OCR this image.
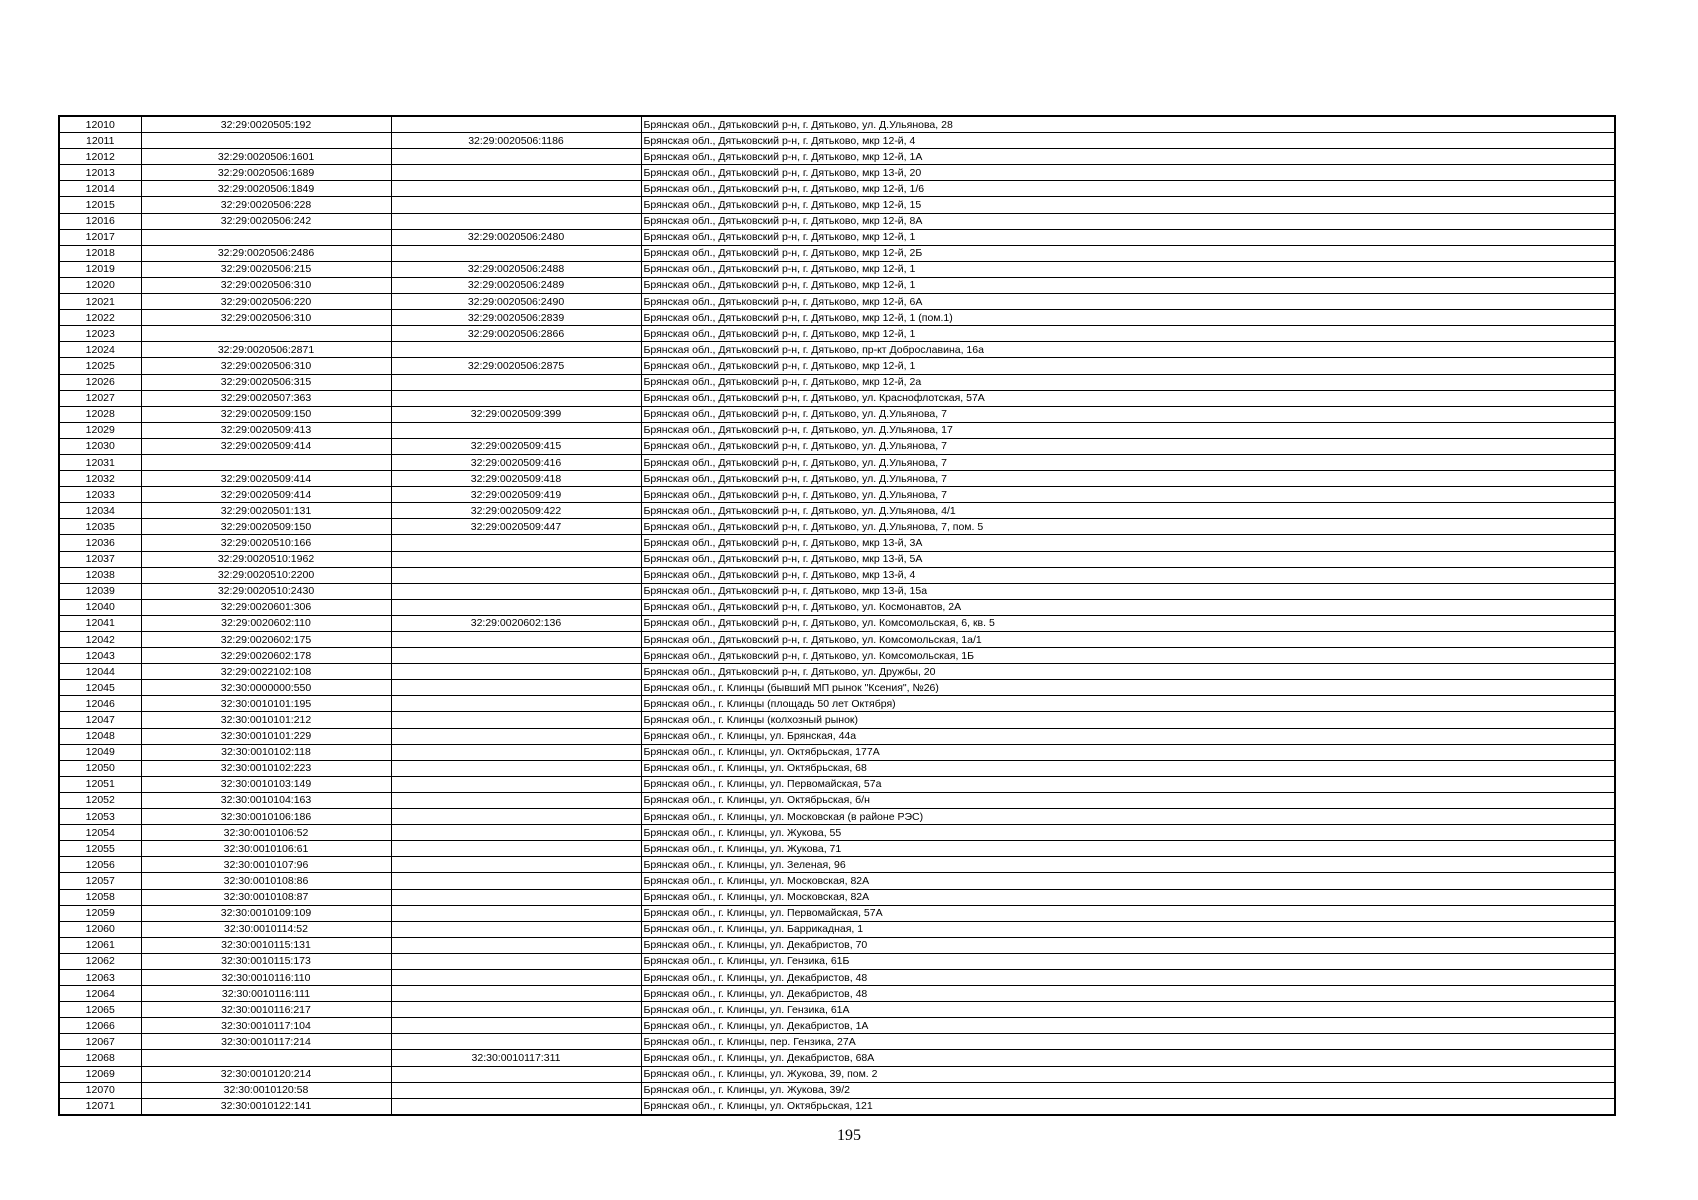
12010	32:29:0020505:192		Брянская обл., Дятьковский р-н, г. Дятьково, ул. Д.Ульянова, 28
12011		32:29:0020506:1186	Брянская обл., Дятьковский р-н, г. Дятьково, мкр 12-й, 4
12012	32:29:0020506:1601		Брянская обл., Дятьковский р-н, г. Дятьково, мкр 12-й, 1А
12013	32:29:0020506:1689		Брянская обл., Дятьковский р-н, г. Дятьково, мкр 13-й, 20
12014	32:29:0020506:1849		Брянская обл., Дятьковский р-н, г. Дятьково, мкр 12-й, 1/6
12015	32:29:0020506:228		Брянская обл., Дятьковский р-н, г. Дятьково, мкр 12-й, 15
12016	32:29:0020506:242		Брянская обл., Дятьковский р-н, г. Дятьково, мкр 12-й, 8А
12017		32:29:0020506:2480	Брянская обл., Дятьковский р-н, г. Дятьково, мкр 12-й, 1
12018	32:29:0020506:2486		Брянская обл., Дятьковский р-н, г. Дятьково, мкр 12-й, 2Б
12019	32:29:0020506:215	32:29:0020506:2488	Брянская обл., Дятьковский р-н, г. Дятьково, мкр 12-й, 1
12020	32:29:0020506:310	32:29:0020506:2489	Брянская обл., Дятьковский р-н, г. Дятьково, мкр 12-й, 1
12021	32:29:0020506:220	32:29:0020506:2490	Брянская обл., Дятьковский р-н, г. Дятьково, мкр 12-й, 6А
12022	32:29:0020506:310	32:29:0020506:2839	Брянская обл., Дятьковский р-н, г. Дятьково, мкр 12-й, 1 (пом.1)
12023		32:29:0020506:2866	Брянская обл., Дятьковский р-н, г. Дятьково, мкр 12-й, 1
12024	32:29:0020506:2871		Брянская обл., Дятьковский р-н, г. Дятьково, пр-кт Доброславина, 16а
12025	32:29:0020506:310	32:29:0020506:2875	Брянская обл., Дятьковский р-н, г. Дятьково, мкр 12-й, 1
12026	32:29:0020506:315		Брянская обл., Дятьковский р-н, г. Дятьково, мкр 12-й, 2а
12027	32:29:0020507:363		Брянская обл., Дятьковский р-н, г. Дятьково, ул. Краснофлотская, 57А
12028	32:29:0020509:150	32:29:0020509:399	Брянская обл., Дятьковский р-н, г. Дятьково, ул. Д.Ульянова, 7
12029	32:29:0020509:413		Брянская обл., Дятьковский р-н, г. Дятьково, ул. Д.Ульянова, 17
12030	32:29:0020509:414	32:29:0020509:415	Брянская обл., Дятьковский р-н, г. Дятьково, ул. Д.Ульянова, 7
12031		32:29:0020509:416	Брянская обл., Дятьковский р-н, г. Дятьково, ул. Д.Ульянова, 7
12032	32:29:0020509:414	32:29:0020509:418	Брянская обл., Дятьковский р-н, г. Дятьково, ул. Д.Ульянова, 7
12033	32:29:0020509:414	32:29:0020509:419	Брянская обл., Дятьковский р-н, г. Дятьково, ул. Д.Ульянова, 7
12034	32:29:0020501:131	32:29:0020509:422	Брянская обл., Дятьковский р-н, г. Дятьково, ул. Д.Ульянова, 4/1
12035	32:29:0020509:150	32:29:0020509:447	Брянская обл., Дятьковский р-н, г. Дятьково, ул. Д.Ульянова, 7, пом. 5
12036	32:29:0020510:166		Брянская обл., Дятьковский р-н, г. Дятьково, мкр 13-й, 3А
12037	32:29:0020510:1962		Брянская обл., Дятьковский р-н, г. Дятьково, мкр 13-й, 5А
12038	32:29:0020510:2200		Брянская обл., Дятьковский р-н, г. Дятьково, мкр 13-й, 4
12039	32:29:0020510:2430		Брянская обл., Дятьковский р-н, г. Дятьково, мкр 13-й, 15а
12040	32:29:0020601:306		Брянская обл., Дятьковский р-н, г. Дятьково, ул. Космонавтов, 2А
12041	32:29:0020602:110	32:29:0020602:136	Брянская обл., Дятьковский р-н, г. Дятьково, ул. Комсомольская, 6, кв. 5
12042	32:29:0020602:175		Брянская обл., Дятьковский р-н, г. Дятьково, ул. Комсомольская, 1а/1
12043	32:29:0020602:178		Брянская обл., Дятьковский р-н, г. Дятьково, ул. Комсомольская, 1Б
12044	32:29:0022102:108		Брянская обл., Дятьковский р-н, г. Дятьково, ул. Дружбы, 20
12045	32:30:0000000:550		Брянская обл., г. Клинцы (бывший МП рынок "Ксения", №26)
12046	32:30:0010101:195		Брянская обл., г. Клинцы (площадь 50 лет Октября)
12047	32:30:0010101:212		Брянская обл., г. Клинцы (колхозный рынок)
12048	32:30:0010101:229		Брянская обл., г. Клинцы, ул. Брянская, 44а
12049	32:30:0010102:118		Брянская обл., г. Клинцы, ул. Октябрьская, 177А
12050	32:30:0010102:223		Брянская обл., г. Клинцы, ул. Октябрьская, 68
12051	32:30:0010103:149		Брянская обл., г. Клинцы, ул. Первомайская, 57а
12052	32:30:0010104:163		Брянская обл., г. Клинцы, ул. Октябрьская, б/н
12053	32:30:0010106:186		Брянская обл., г. Клинцы, ул. Московская (в районе РЭС)
12054	32:30:0010106:52		Брянская обл., г. Клинцы, ул. Жукова, 55
12055	32:30:0010106:61		Брянская обл., г. Клинцы, ул. Жукова, 71
12056	32:30:0010107:96		Брянская обл., г. Клинцы, ул. Зеленая, 96
12057	32:30:0010108:86		Брянская обл., г. Клинцы, ул. Московская, 82А
12058	32:30:0010108:87		Брянская обл., г. Клинцы, ул. Московская, 82А
12059	32:30:0010109:109		Брянская обл., г. Клинцы, ул. Первомайская, 57А
12060	32:30:0010114:52		Брянская обл., г. Клинцы, ул. Баррикадная, 1
12061	32:30:0010115:131		Брянская обл., г. Клинцы, ул. Декабристов, 70
12062	32:30:0010115:173		Брянская обл., г. Клинцы, ул. Гензика, 61Б
12063	32:30:0010116:110		Брянская обл., г. Клинцы, ул. Декабристов, 48
12064	32:30:0010116:111		Брянская обл., г. Клинцы, ул. Декабристов, 48
12065	32:30:0010116:217		Брянская обл., г. Клинцы, ул. Гензика, 61А
12066	32:30:0010117:104		Брянская обл., г. Клинцы, ул. Декабристов, 1А
12067	32:30:0010117:214		Брянская обл., г. Клинцы, пер. Гензика, 27А
12068		32:30:0010117:311	Брянская обл., г. Клинцы, ул. Декабристов, 68А
12069	32:30:0010120:214		Брянская обл., г. Клинцы, ул. Жукова, 39, пом. 2
12070	32:30:0010120:58		Брянская обл., г. Клинцы, ул. Жукова, 39/2
12071	32:30:0010122:141		Брянская обл., г. Клинцы, ул. Октябрьская, 121
195
